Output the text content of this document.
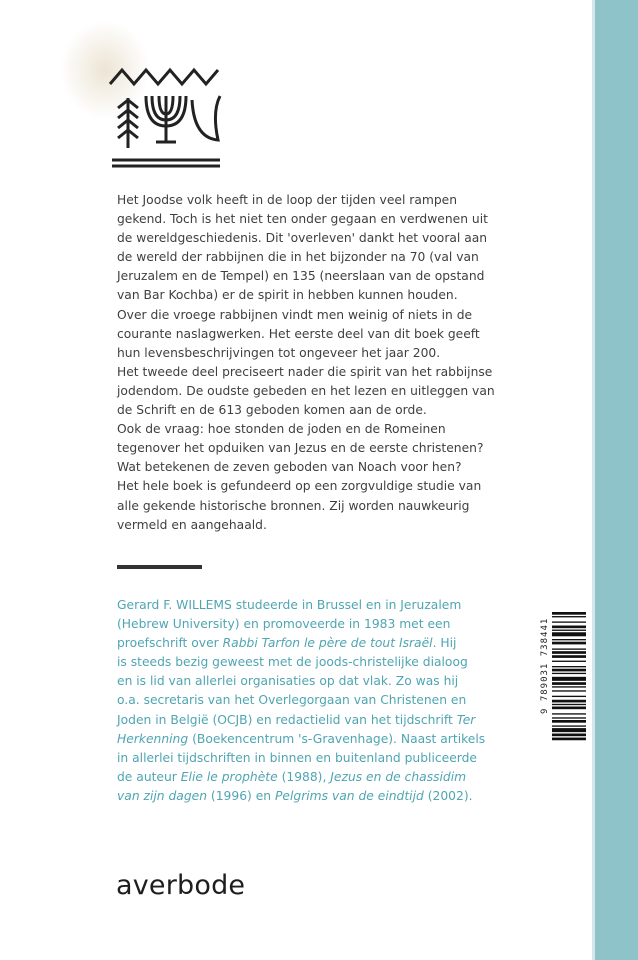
Het Joodse volk heeft in de loop der tijden veel rampen
gekend. Toch is het niet ten onder gegaan en verdwenen uit
de wereldgeschiedenis. Dit 'overleven' dankt het vooral aan
de wereld der rabbijnen die in het bijzonder na 70 (val van
Jeruzalem en de Tempel) en 135 (neerslaan van de opstand
van Bar Kochba) er de spirit in hebben kunnen houden.
Over die vroege rabbijnen vindt men weinig of niets in de
courante naslagwerken. Het eerste deel van dit boek geeft
hun levensbeschrijvingen tot ongeveer het jaar 200.
Het tweede deel preciseert nader die spirit van het rabbijnse
jodendom. De oudste gebeden en het lezen en uitleggen van
de Schrift en de 613 geboden komen aan de orde.
Ook de vraag: hoe stonden de joden en de Romeinen
tegenover het opduiken van Jezus en de eerste christenen?
Wat betekenen de zeven geboden van Noach voor hen?
Het hele boek is gefundeerd op een zorgvuldige studie van
alle gekende historische bronnen. Zij worden nauwkeurig
vermeld en aangehaald.

Gerard F. WILLEMS studeerde in Brussel en in Jeruzalem
(Hebrew University) en promoveerde in 1983 met een
proefschrift over Rabbi Tarfon le père de tout Israël. Hij
is steeds bezig geweest met de joods-christelijke dialoog
en is lid van allerlei organisaties op dat vlak. Zo was hij
o.a. secretaris van het Overlegorgaan van Christenen en
Joden in België (OCJB) en redactielid van het tijdschrift Ter
Herkenning (Boekencentrum 's-Gravenhage). Naast artikels
in allerlei tijdschriften in binnen en buitenland publiceerde
de auteur Elie le prophète (1988), Jezus en de chassidim
van zijn dagen (1996) en Pelgrims van de eindtijd (2002).

9 789031 738441
averbode
